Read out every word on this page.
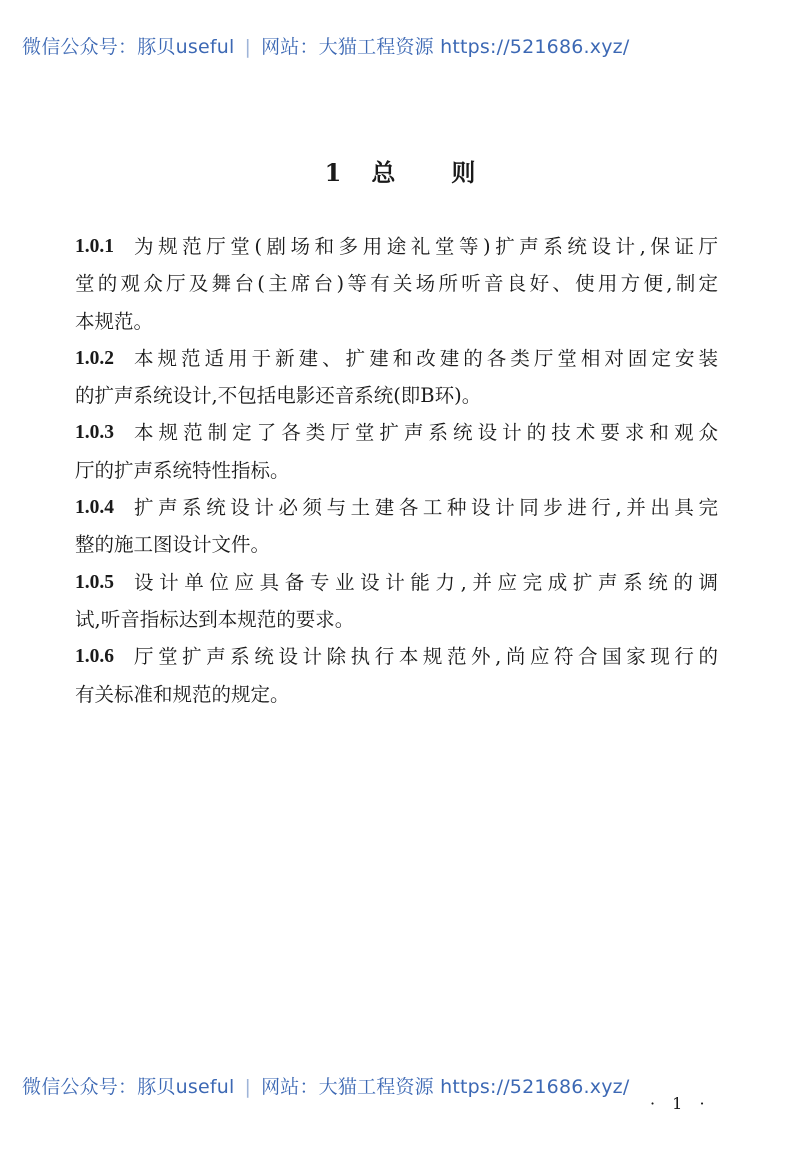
微信公众号：豚贝useful | 网站：大猫工程资源 https://521686.xyz/
1 总 则
1.0.1 为规范厅堂(剧场和多用途礼堂等)扩声系统设计,保证厅
堂的观众厅及舞台(主席台)等有关场所听音良好、使用方便,制定
本规范。
1.0.2 本规范适用于新建、扩建和改建的各类厅堂相对固定安装
的扩声系统设计,不包括电影还音系统(即B环)。
1.0.3 本规范制定了各类厅堂扩声系统设计的技术要求和观众
厅的扩声系统特性指标。
1.0.4 扩声系统设计必须与土建各工种设计同步进行,并出具完
整的施工图设计文件。
1.0.5 设计单位应具备专业设计能力,并应完成扩声系统的调
试,听音指标达到本规范的要求。
1.0.6 厅堂扩声系统设计除执行本规范外,尚应符合国家现行的
有关标准和规范的规定。
微信公众号：豚贝useful | 网站：大猫工程资源 https://521686.xyz/
· 1 ·
